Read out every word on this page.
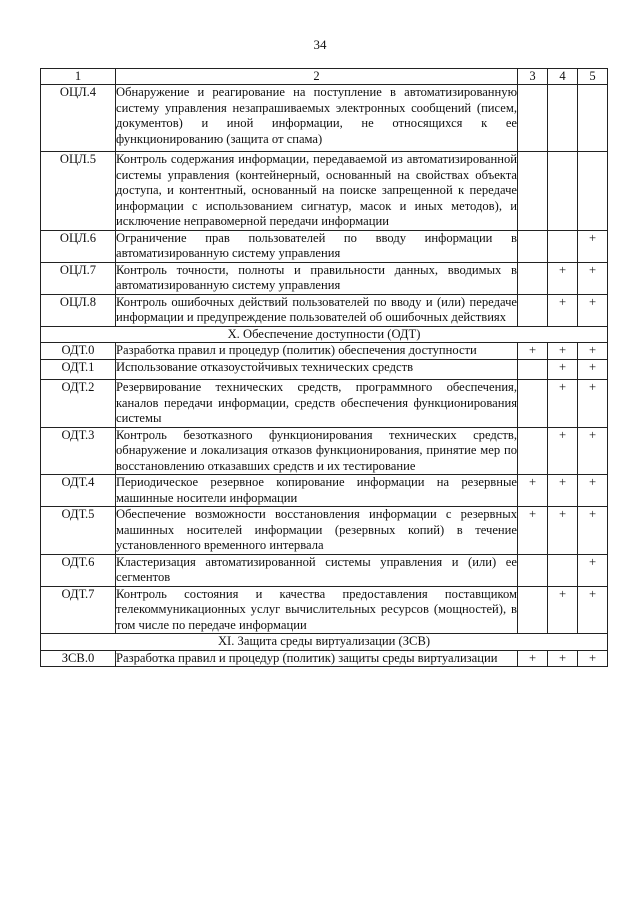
34
1	2	3	4	5
ОЦЛ.4	Обнаружение и реагирование на поступление в автоматизированную систему управления незапрашиваемых электронных сообщений (писем, документов) и иной информации, не относящихся к ее функционированию (защита от спама)			

ОЦЛ.5	Контроль содержания информации, передаваемой из автоматизированной системы управления (контейнерный, основанный на свойствах объекта доступа, и контентный, основанный на поиске запрещенной к передаче информации с использованием сигнатур, масок и иных методов), и исключение неправомерной передачи информации			

ОЦЛ.6	Ограничение прав пользователей по вводу информации в автоматизированную систему управления			+
ОЦЛ.7	Контроль точности, полноты и правильности данных, вводимых в автоматизированную систему управления		+	+
ОЦЛ.8	Контроль ошибочных действий пользователей по вводу и (или) передаче информации и предупреждение пользователей об ошибочных действиях		+	+
X. Обеспечение доступности (ОДТ)				
ОДТ.0	Разработка правил и процедур (политик) обеспечения доступности	+	+	+
ОДТ.1	Использование отказоустойчивых технических средств		+	+
ОДТ.2	Резервирование технических средств, программного обеспечения, каналов передачи информации, средств обеспечения функционирования системы		+	+
ОДТ.3	Контроль безотказного функционирования технических средств, обнаружение и локализация отказов функционирования, принятие мер по восстановлению отказавших средств и их тестирование		+	+
ОДТ.4	Периодическое резервное копирование информации на резервные машинные носители информации	+	+	+
ОДТ.5	Обеспечение возможности восстановления информации с резервных машинных носителей информации (резервных копий) в течение установленного временного интервала	+	+	+
ОДТ.6	Кластеризация автоматизированной системы управления и (или) ее сегментов			+
ОДТ.7	Контроль состояния и качества предоставления поставщиком телекоммуникационных услуг вычислительных ресурсов (мощностей), в том числе по передаче информации		+	+
XI. Защита среды виртуализации (ЗСВ)				
ЗСВ.0	Разработка правил и процедур (политик) защиты среды виртуализации	+	+	+
